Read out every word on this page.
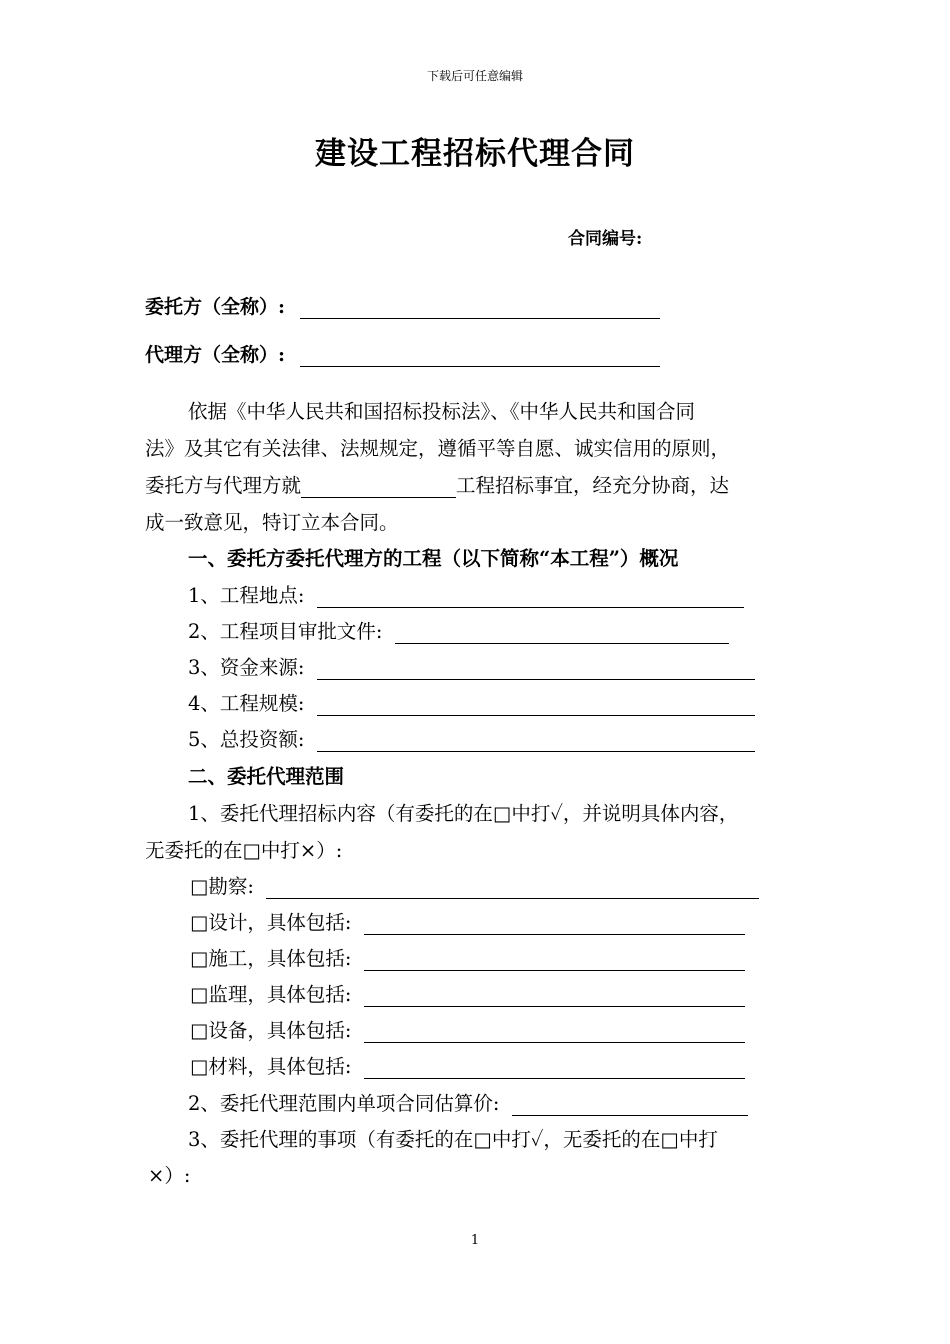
下载后可任意编辑
建设工程招标代理合同
合同编号:
委托方（全称）:
代理方（全称）:
依据《中华人民共和国招标投标法》、《中华人民共和国合同
法》及其它有关法律、法规规定，遵循平等自愿、诚实信用的原则，
委托方与代理方就	工程招标事宜，经充分协商，达
成一致意见，特订立本合同。
一、委托方委托代理方的工程（以下简称“本工程”）概况
1、工程地点:
2、工程项目审批文件:
3、资金来源:
4、工程规模:
5、总投资额:
二、委托代理范围
1、委托代理招标内容（有委托的在□中打✓，并说明具体内容，
无委托的在□中打×）:
□勘察:
□设计，具体包括:
□施工，具体包括:
□监理，具体包括:
□设备，具体包括:
□材料，具体包括:
2、委托代理范围内单项合同估算价:
3、委托代理的事项（有委托的在□中打✓，无委托的在□中打
×）:
1
